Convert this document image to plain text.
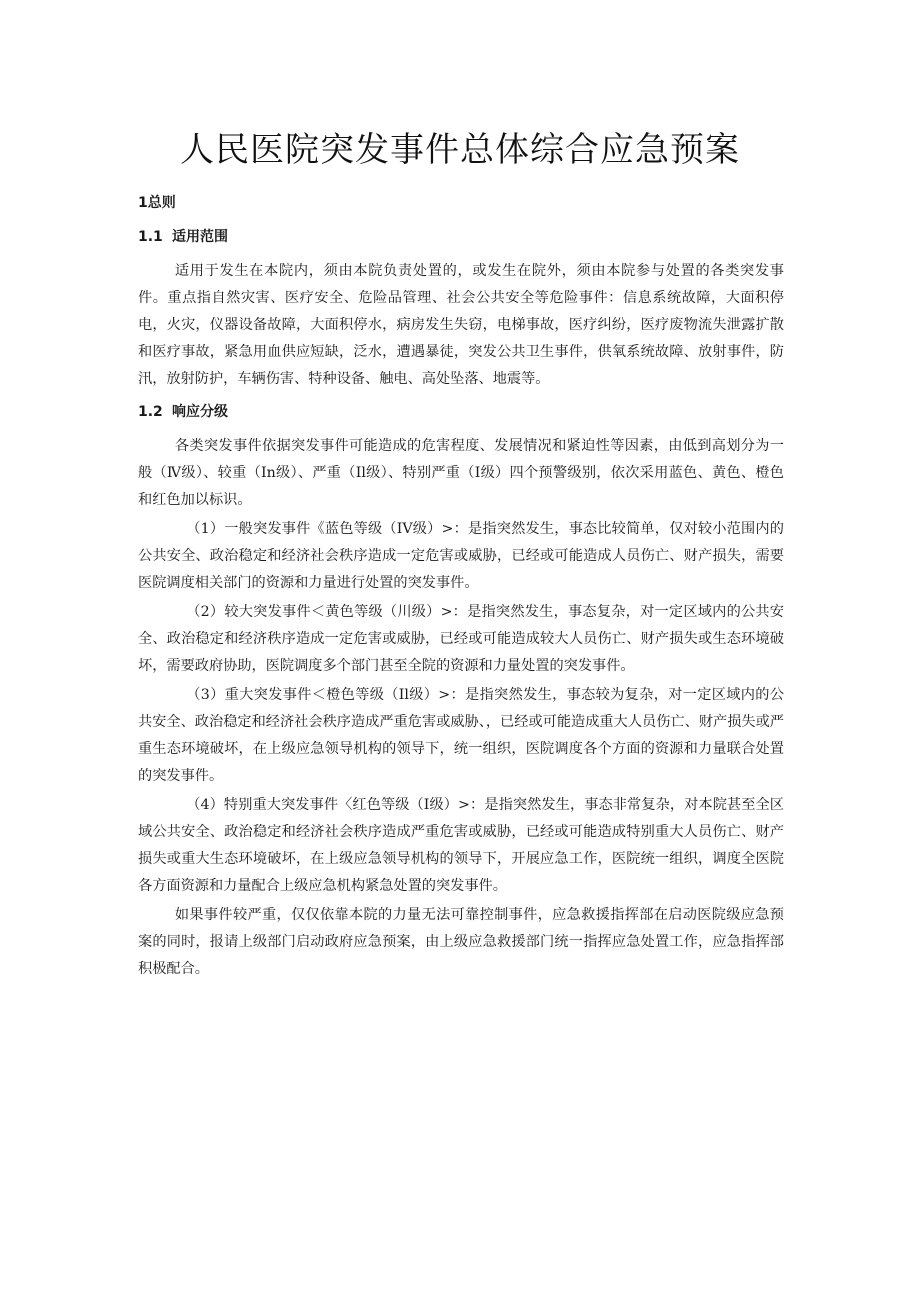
人民医院突发事件总体综合应急预案
1总则
1.1 适用范围

适用于发生在本院内，须由本院负责处置的，或发生在院外，须由本院参与处置的各类突发事件。重点指自然灾害、医疗安全、危险品管理、社会公共安全等危险事件：信息系统故障，大面积停电，火灾，仪器设备故障，大面积停水，病房发生失窃，电梯事故，医疗纠纷，医疗废物流失泄露扩散和医疗事故，紧急用血供应短缺，泛水，遭遇暴徒，突发公共卫生事件，供氧系统故障、放射事件，防汛，放射防护，车辆伤害、特种设备、触电、高处坠落、地震等。

1.2 响应分级

各类突发事件依据突发事件可能造成的危害程度、发展情况和紧迫性等因素，由低到高划分为一般（Ⅳ级）、较重（In级）、严重（Il级）、特别严重（I级）四个预警级别，依次采用蓝色、黄色、橙色和红色加以标识。

（1）一般突发事件《蓝色等级（IV级）>：是指突然发生，事态比较简单，仅对较小范围内的公共安全、政治稳定和经济社会秩序造成一定危害或威胁，已经或可能造成人员伤亡、财产损失，需要医院调度相关部门的资源和力量进行处置的突发事件。

（2）较大突发事件＜黄色等级（川级）>：是指突然发生，事态复杂，对一定区域内的公共安全、政治稳定和经济秩序造成一定危害或威胁，已经或可能造成较大人员伤亡、财产损失或生态环境破坏，需要政府协助，医院调度多个部门甚至全院的资源和力量处置的突发事件。

（3）重大突发事件＜橙色等级（Il级）>：是指突然发生，事态较为复杂，对一定区域内的公共安全、政治稳定和经济社会秩序造成严重危害或威胁、，已经或可能造成重大人员伤亡、财产损失或严重生态环境破坏，在上级应急领导机构的领导下，统一组织，医院调度各个方面的资源和力量联合处置的突发事件。

（4）特别重大突发事件〈红色等级（I级）>：是指突然发生，事态非常复杂，对本院甚至全区域公共安全、政治稳定和经济社会秩序造成严重危害或威胁，已经或可能造成特别重大人员伤亡、财产损失或重大生态环境破坏，在上级应急领导机构的领导下，开展应急工作，医院统一组织，调度全医院各方面资源和力量配合上级应急机构紧急处置的突发事件。

如果事件较严重，仅仅依靠本院的力量无法可靠控制事件，应急救援指挥部在启动医院级应急预案的同时，报请上级部门启动政府应急预案，由上级应急救援部门统一指挥应急处置工作，应急指挥部积极配合。
